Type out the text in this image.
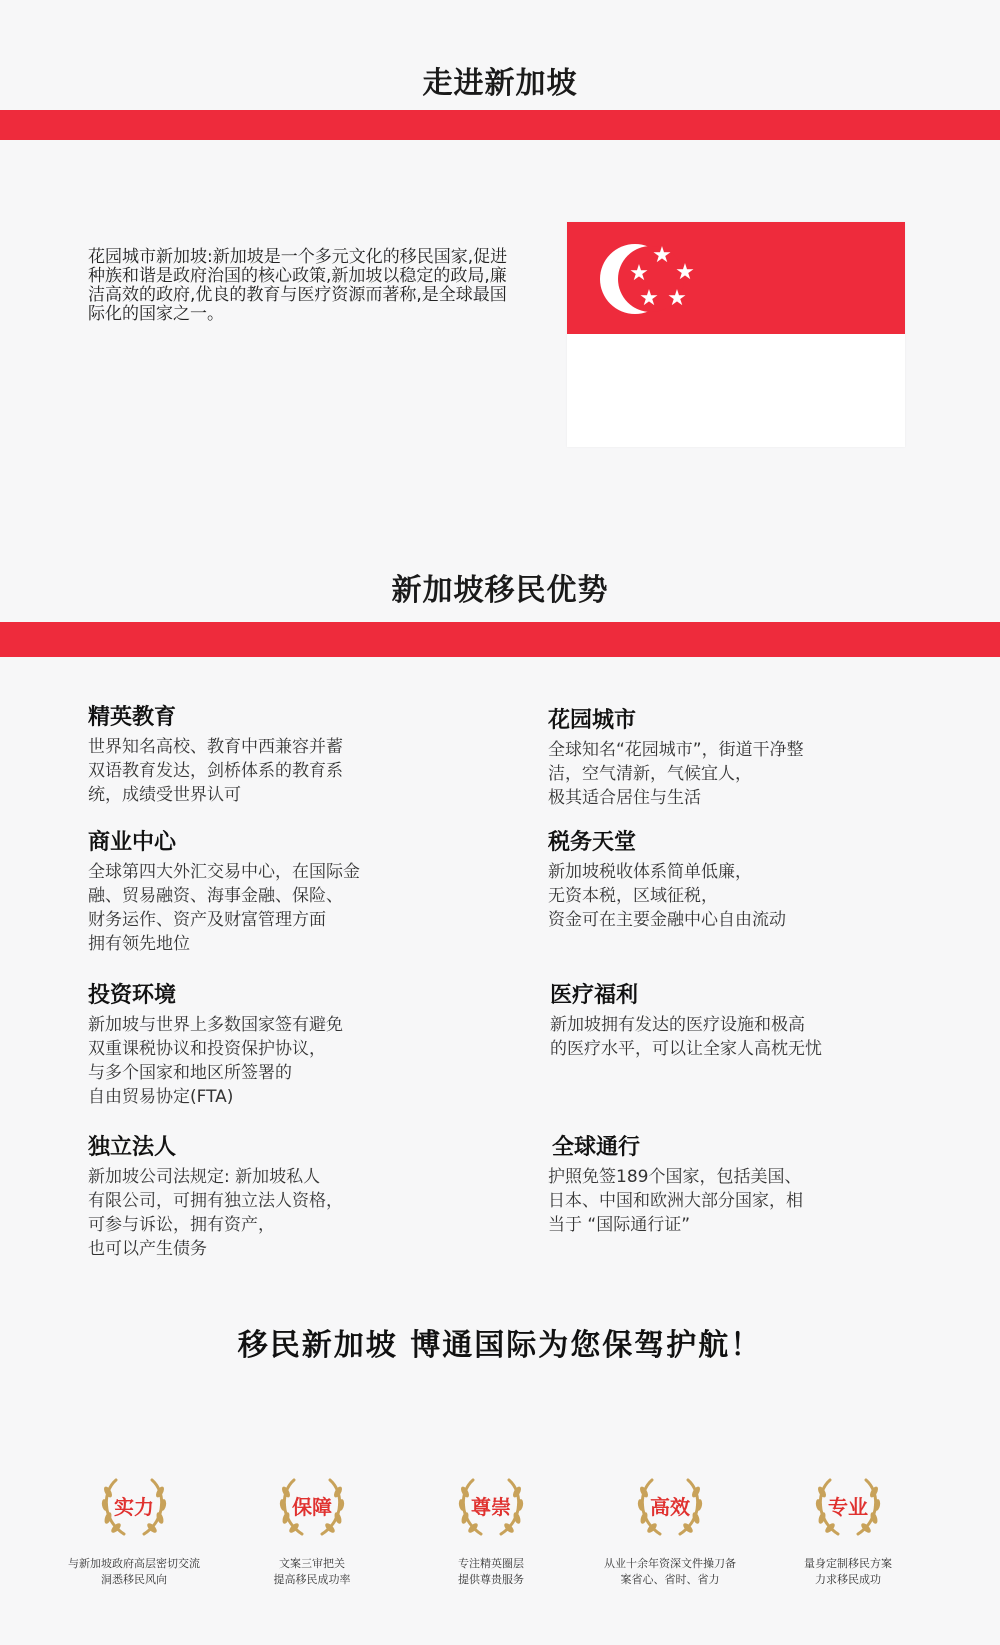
走进新加坡
花园城市新加坡:新加坡是一个多元文化的移民国家,促进种族和谐是政府治国的核心政策,新加坡以稳定的政局,廉洁高效的政府,优良的教育与医疗资源而著称,是全球最国际化的国家之一。
★
★
★
★ ★
新加坡移民优势
精英教育
世界知名高校、教育中西兼容并蓄
双语教育发达，剑桥体系的教育系
统，成绩受世界认可
商业中心
全球第四大外汇交易中心，在国际金
融、贸易融资、海事金融、保险、
财务运作、资产及财富管理方面
拥有领先地位
投资环境
新加坡与世界上多数国家签有避免
双重课税协议和投资保护协议，
与多个国家和地区所签署的
自由贸易协定(FTA)
独立法人
新加坡公司法规定: 新加坡私人
有限公司，可拥有独立法人资格，
可参与诉讼，拥有资产，
也可以产生债务
花园城市
全球知名“花园城市”，街道干净整
洁，空气清新，气候宜人，
极其适合居住与生活
税务天堂
新加坡税收体系简单低廉，
无资本税，区域征税，
资金可在主要金融中心自由流动
医疗福利
新加坡拥有发达的医疗设施和极高
的医疗水平，可以让全家人高枕无忧
全球通行
护照免签189个国家，包括美国、
日本、中国和欧洲大部分国家，相
当于 “国际通行证”
移民新加坡 博通国际为您保驾护航！
实力
与新加坡政府高层密切交流
洞悉移民风向
保障
文案三审把关
提高移民成功率
尊崇
专注精英圈层
提供尊贵服务
高效
从业十余年资深文件操刀备
案省心、省时、省力
专业
量身定制移民方案
力求移民成功
